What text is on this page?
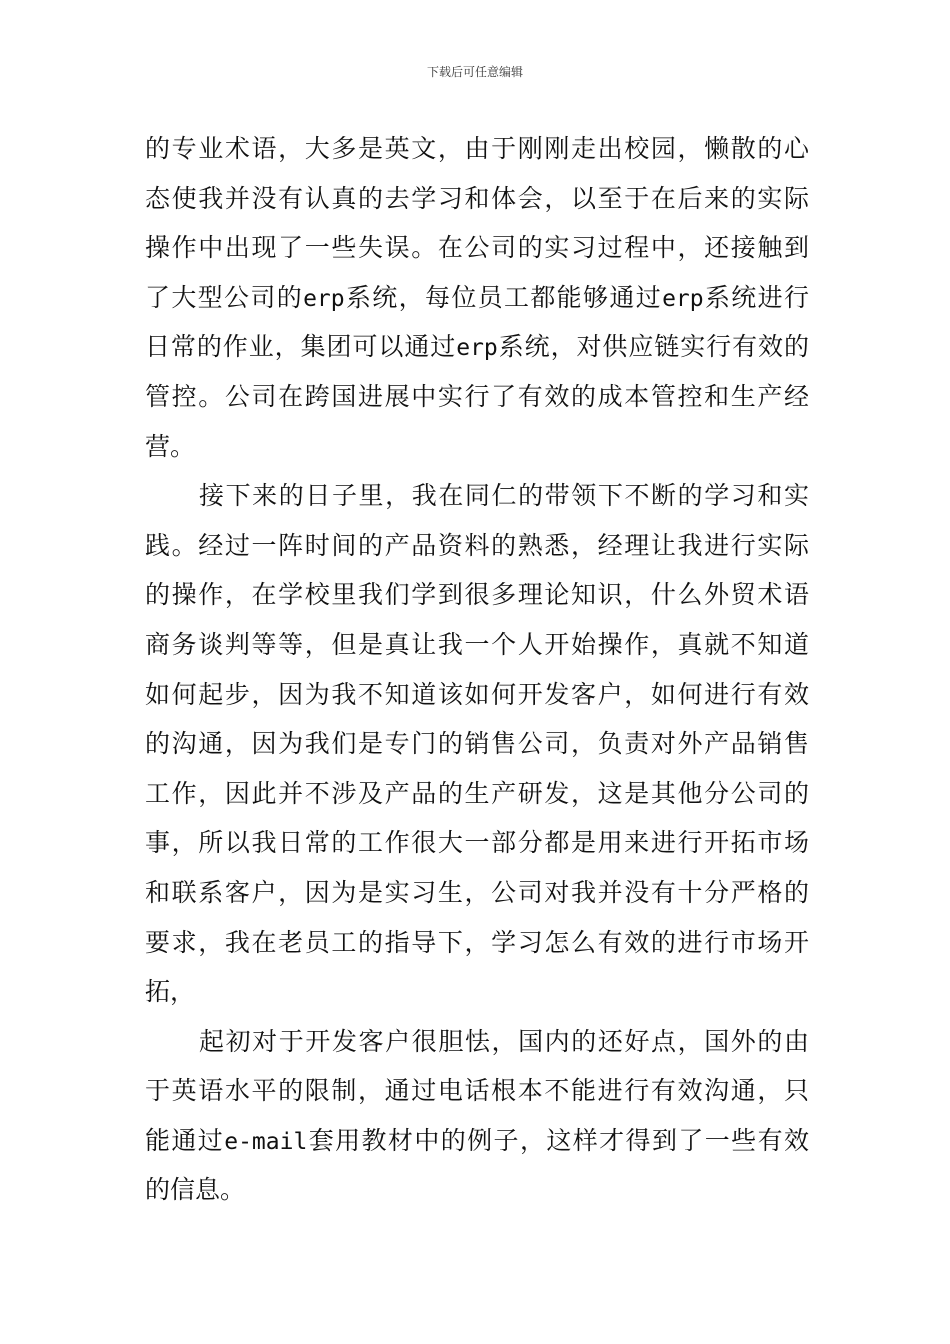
下载后可任意编辑
的专业术语，大多是英文，由于刚刚走出校园，懒散的心
态使我并没有认真的去学习和体会，以至于在后来的实际
操作中出现了一些失误。在公司的实习过程中，还接触到
了大型公司的erp系统，每位员工都能够通过erp系统进行
日常的作业，集团可以通过erp系统，对供应链实行有效的
管控。公司在跨国进展中实行了有效的成本管控和生产经
营。
接下来的日子里，我在同仁的带领下不断的学习和实
践。经过一阵时间的产品资料的熟悉，经理让我进行实际
的操作，在学校里我们学到很多理论知识，什么外贸术语
商务谈判等等，但是真让我一个人开始操作，真就不知道
如何起步，因为我不知道该如何开发客户，如何进行有效
的沟通，因为我们是专门的销售公司，负责对外产品销售
工作，因此并不涉及产品的生产研发，这是其他分公司的
事，所以我日常的工作很大一部分都是用来进行开拓市场
和联系客户，因为是实习生，公司对我并没有十分严格的
要求，我在老员工的指导下，学习怎么有效的进行市场开
拓，
起初对于开发客户很胆怯，国内的还好点，国外的由
于英语水平的限制，通过电话根本不能进行有效沟通，只
能通过e-mail套用教材中的例子，这样才得到了一些有效
的信息。
